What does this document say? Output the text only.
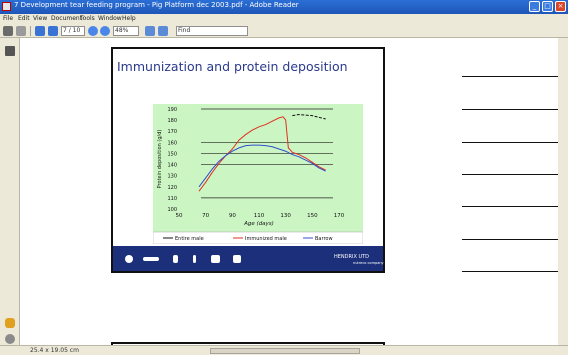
7 Development tear feeding program - Pig Platform dec 2003.pdf - Adobe Reader	_	□ ×
File Edit View Document
Tools Window Help
7 / 10	48%	Find
Immunization and protein deposition
100
110
120
130
140
150
160
170
180
190
50	70	90	110	130	150	170
Protein deposition (g/d)
Age (days)
Entire male	Immunized male	Barrow
HENDRIX UTD
nutreco company
25.4 x 19.05 cm
